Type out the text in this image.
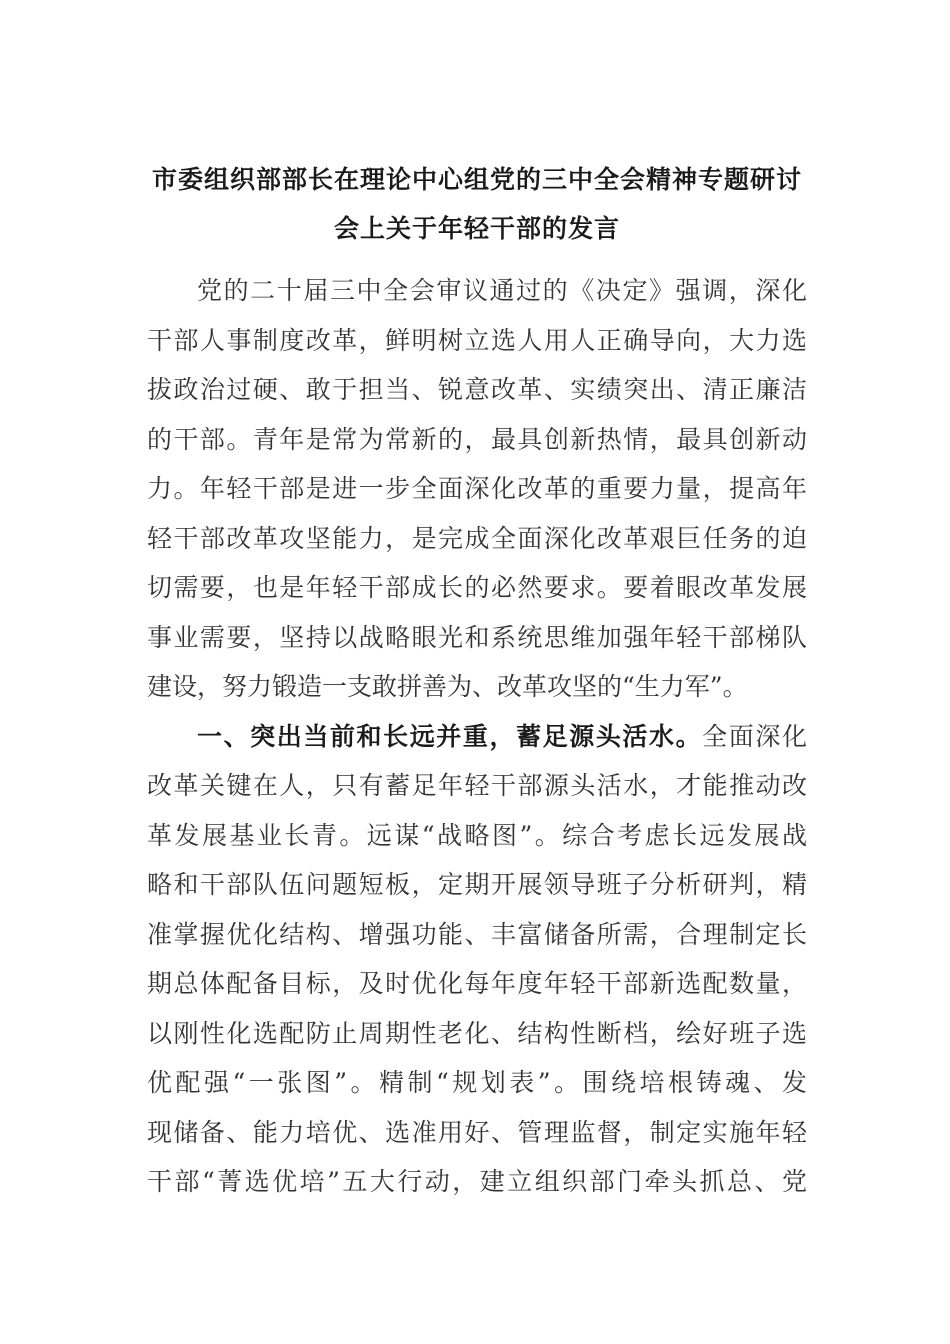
市委组织部部长在理论中心组党的三中全会精神专题研讨
会上关于年轻干部的发言
党的二十届三中全会审议通过的《决定》强调，深化
干部人事制度改革，鲜明树立选人用人正确导向，大力选
拔政治过硬、敢于担当、锐意改革、实绩突出、清正廉洁
的干部。青年是常为常新的，最具创新热情，最具创新动
力。年轻干部是进一步全面深化改革的重要力量，提高年
轻干部改革攻坚能力，是完成全面深化改革艰巨任务的迫
切需要，也是年轻干部成长的必然要求。要着眼改革发展
事业需要，坚持以战略眼光和系统思维加强年轻干部梯队
建设，努力锻造一支敢拼善为、改革攻坚的“生力军”。
一、突出当前和长远并重，蓄足源头活水。全面深化
改革关键在人，只有蓄足年轻干部源头活水，才能推动改
革发展基业长青。远谋“战略图”。综合考虑长远发展战
略和干部队伍问题短板，定期开展领导班子分析研判，精
准掌握优化结构、增强功能、丰富储备所需，合理制定长
期总体配备目标，及时优化每年度年轻干部新选配数量，
以刚性化选配防止周期性老化、结构性断档，绘好班子选
优配强“一张图”。精制“规划表”。围绕培根铸魂、发
现储备、能力培优、选准用好、管理监督，制定实施年轻
干部“菁选优培”五大行动，建立组织部门牵头抓总、党
